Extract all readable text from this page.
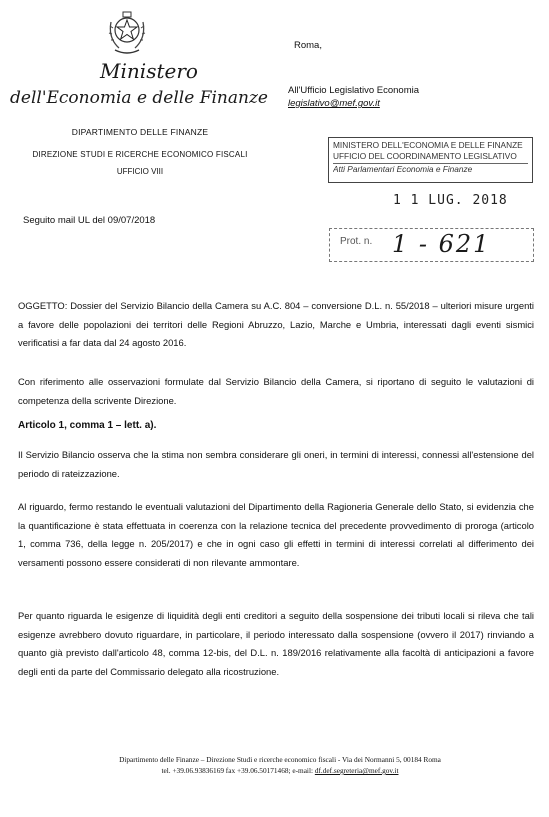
Ministero
dell'Economia e delle Finanze
DIPARTIMENTO DELLE FINANZE
DIREZIONE STUDI E RICERCHE ECONOMICO FISCALI
UFFICIO VIII
Roma,
All'Ufficio Legislativo Economia
legislativo@mef.gov.it
MINISTERO DELL'ECONOMIA E DELLE FINANZE
UFFICIO DEL COORDINAMENTO LEGISLATIVO
Atti Parlamentari Economia e Finanze
1 1 LUG. 2018
Prot. n. 1 - 621
Seguito mail UL del 09/07/2018
OGGETTO: Dossier del Servizio Bilancio della Camera su A.C. 804 – conversione D.L. n. 55/2018 – ulteriori misure urgenti a favore delle popolazioni dei territori delle Regioni Abruzzo, Lazio, Marche e Umbria, interessati dagli eventi sismici verificatisi a far data dal 24 agosto 2016.
Con riferimento alle osservazioni formulate dal Servizio Bilancio della Camera, si riportano di seguito le valutazioni di competenza della scrivente Direzione.
Articolo 1, comma 1 – lett. a).
Il Servizio Bilancio osserva che la stima non sembra considerare gli oneri, in termini di interessi, connessi all'estensione del periodo di rateizzazione.
Al riguardo, fermo restando le eventuali valutazioni del Dipartimento della Ragioneria Generale dello Stato, si evidenzia che la quantificazione è stata effettuata in coerenza con la relazione tecnica del precedente provvedimento di proroga (articolo 1, comma 736, della legge n. 205/2017) e che in ogni caso gli effetti in termini di interessi correlati al differimento dei versamenti possono essere considerati di non rilevante ammontare.
Per quanto riguarda le esigenze di liquidità degli enti creditori a seguito della sospensione dei tributi locali si rileva che tali esigenze avrebbero dovuto riguardare, in particolare, il periodo interessato dalla sospensione (ovvero il 2017) rinviando a quanto già previsto dall'articolo 48, comma 12-bis, del D.L. n. 189/2016 relativamente alla facoltà di anticipazioni a favore degli enti da parte del Commissario delegato alla ricostruzione.
Dipartimento delle Finanze – Direzione Studi e ricerche economico fiscali - Via dei Normanni 5, 00184 Roma
tel. +39.06.93836169 fax +39.06.50171468; e-mail: df.def.segreteria@mef.gov.it
